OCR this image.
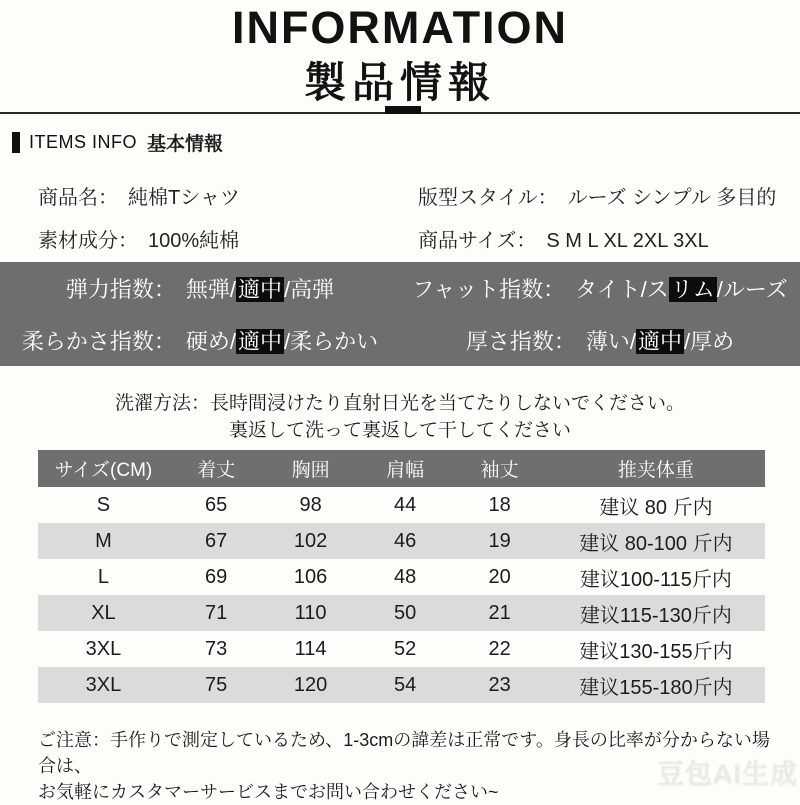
INFORMATION
製品情報
ITEMS INFO 基本情報
商品名： 純棉Tシャツ	版型スタイル： ルーズ シンプル 多目的
素材成分： 100%純棉	商品サイズ： S M L XL 2XL 3XL
弾力指数： 無弾/適中/高弾	フャット指数： タイト/スリム/ルーズ
柔らかさ指数： 硬め/適中/柔らかい	厚さ指数： 薄い/適中/厚め
洗濯方法：長時間浸けたり直射日光を当てたりしないでください。
裏返して洗って裏返して干してください
サイズ(CM)	着丈	胸囲	肩幅	袖丈	推夹体重
S	65	98	44	18	建议 80 斤内
M	67	102	46	19	建议 80-100 斤内
L	69	106	48	20	建议100-115斤内
XL	71	110	50	21	建议115-130斤内
3XL	73	114	52	22	建议130-155斤内
3XL	75	120	54	23	建议155-180斤内
ご注意：手作りで測定しているため、1-3cmの諱差は正常です。身長の比率が分からない場合は、
お気軽にカスタマーサービスまでお問い合わせください~
豆包AI生成
